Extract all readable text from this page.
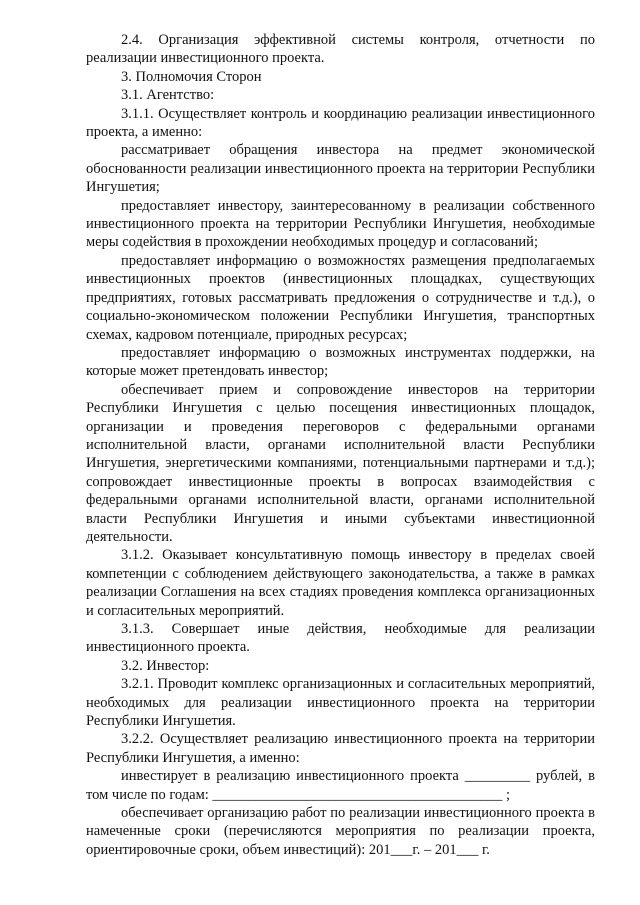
2.4. Организация эффективной системы контроля, отчетности по реализации инвестиционного проекта.

3. Полномочия Сторон

3.1. Агентство:

3.1.1. Осуществляет контроль и координацию реализации инвестиционного проекта, а именно:

рассматривает обращения инвестора на предмет экономической обоснованности реализации инвестиционного проекта на территории Республики Ингушетия;

предоставляет инвестору, заинтересованному в реализации собственного инвестиционного проекта на территории Республики Ингушетия, необходимые меры содействия в прохождении необходимых процедур и согласований;

предоставляет информацию о возможностях размещения предполагаемых инвестиционных проектов (инвестиционных площадках, существующих предприятиях, готовых рассматривать предложения о сотрудничестве и т.д.), о социально-экономическом положении Республики Ингушетия, транспортных схемах, кадровом потенциале, природных ресурсах;

предоставляет информацию о возможных инструментах поддержки, на которые может претендовать инвестор;

обеспечивает прием и сопровождение инвесторов на территории Республики Ингушетия с целью посещения инвестиционных площадок, организации и проведения переговоров с федеральными органами исполнительной власти, органами исполнительной власти Республики Ингушетия, энергетическими компаниями, потенциальными партнерами и т.д.); сопровождает инвестиционные проекты в вопросах взаимодействия с федеральными органами исполнительной власти, органами исполнительной власти Республики Ингушетия и иными субъектами инвестиционной деятельности.

3.1.2. Оказывает консультативную помощь инвестору в пределах своей компетенции с соблюдением действующего законодательства, а также в рамках реализации Соглашения на всех стадиях проведения комплекса организационных и согласительных мероприятий.

3.1.3. Совершает иные действия, необходимые для реализации инвестиционного проекта.

3.2. Инвестор:

3.2.1. Проводит комплекс организационных и согласительных мероприятий, необходимых для реализации инвестиционного проекта на территории Республики Ингушетия.

3.2.2. Осуществляет реализацию инвестиционного проекта на территории Республики Ингушетия, а именно:

инвестирует в реализацию инвестиционного проекта _________ рублей, в том числе по годам: ________________________________________ ;

обеспечивает организацию работ по реализации инвестиционного проекта в намеченные сроки (перечисляются мероприятия по реализации проекта, ориентировочные сроки, объем инвестиций): 201___г. – 201___ г.
